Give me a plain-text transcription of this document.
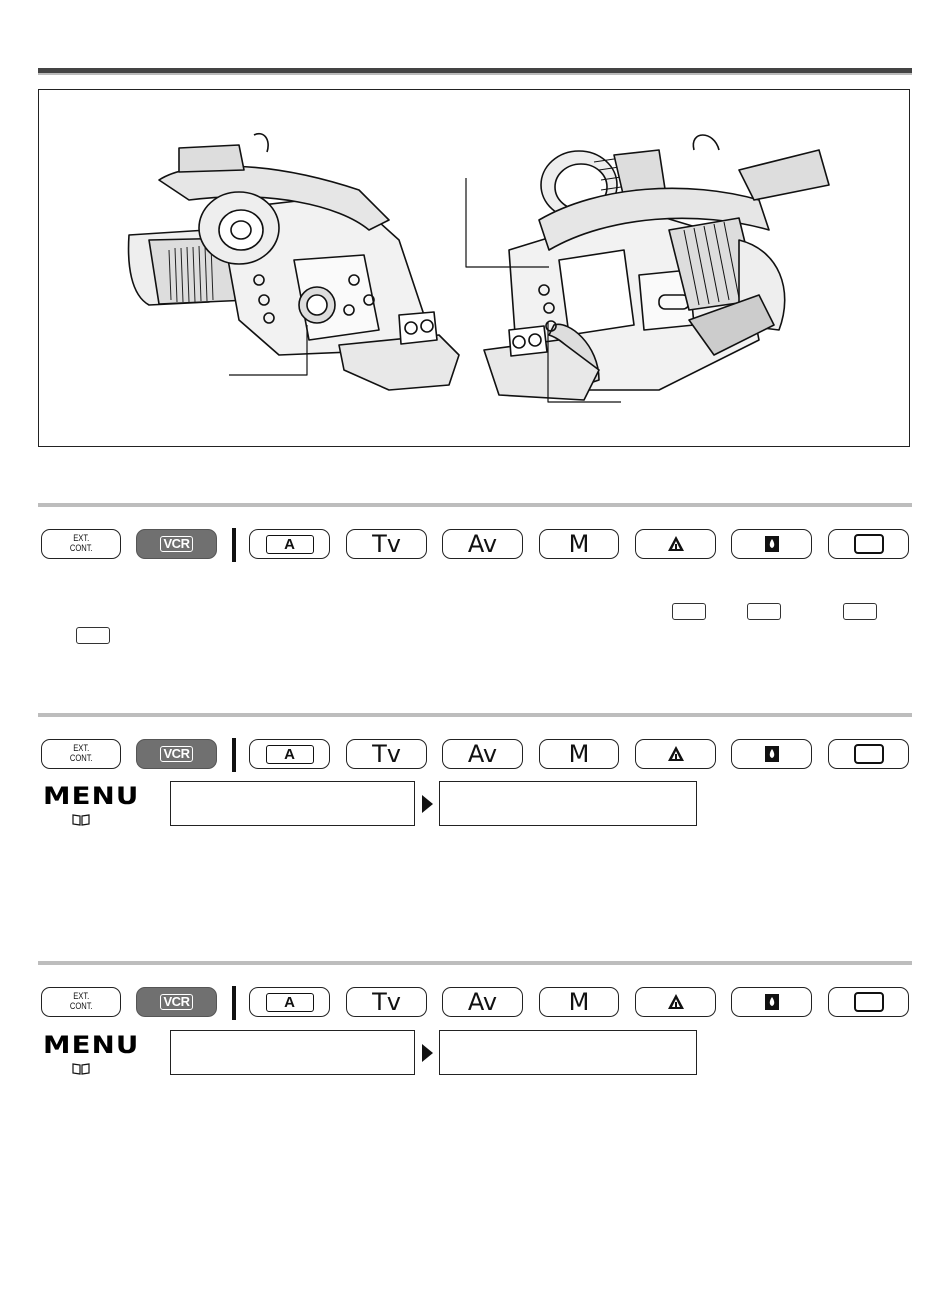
EXT.
CONT.	VCR	A	Tv	Av	M
EXT.
CONT.	VCR	A	Tv	Av	M
MENU
EXT.
CONT.	VCR	A	Tv	Av	M
MENU
